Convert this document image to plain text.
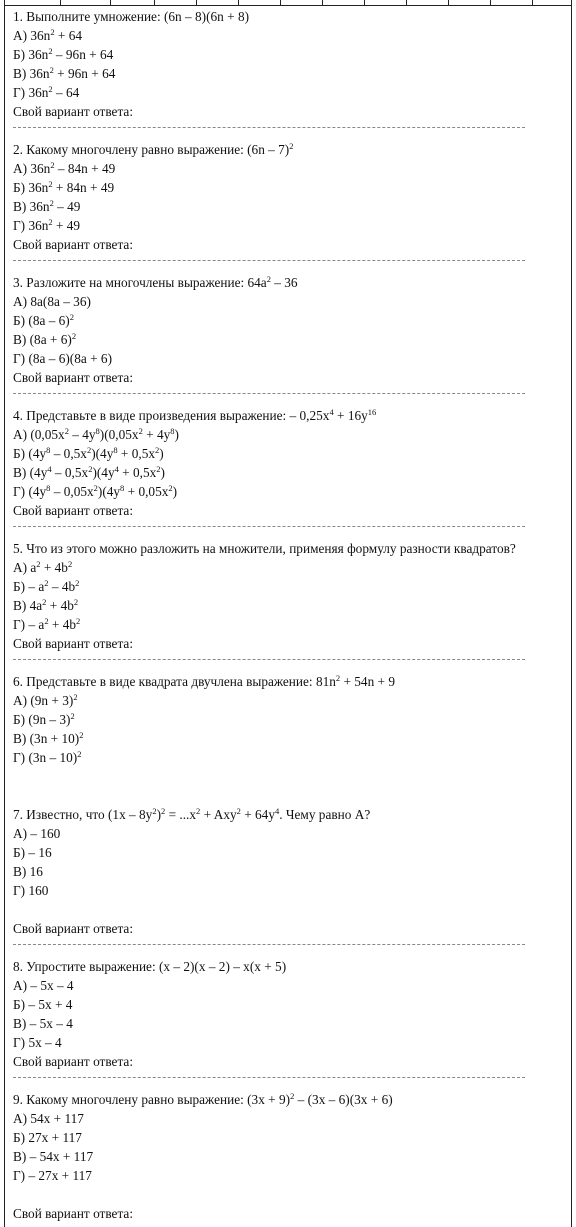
1. Выполните умножение: (6n – 8)(6n + 8)
А) $36n^2 + 64$
Б) $36n^2 - 96n + 64$
В) $36n^2 + 96n + 64$
Г) $36n^2 - 64$
Свой вариант ответа:
2. Какому многочлену равно выражение: (6n – 7)$^2$
А) $36n^2 - 84n + 49$
Б) $36n^2 + 84n + 49$
В) $36n^2 - 49$
Г) $36n^2 + 49$
Свой вариант ответа:
3. Разложите на многочлены выражение: $64a^2 - 36$
А) 8a(8a – 36)
Б) (8a – 6)$^2$
В) $(8a + 6)^2$
Г) (8a – 6)(8a + 6)
Свой вариант ответа:
4. Представьте в виде произведения выражение: – $0,25x^4 + 16y^{16}$
А) $(0,05x^2 - 4y^8)(0,05x^2 + 4y^8)$
Б) $(4y^8 - 0,5x^2)(4y^8 + 0,5x^2)$
В) $(4y^4 - 0,5x^2)(4y^4 + 0,5x^2)$
Г) $(4y^8 - 0,05x^2)(4y^8 + 0,05x^2)$
Свой вариант ответа:
5. Что из этого можно разложить на множители, применяя формулу разности квадратов?
А) $a^2 + 4b^2$
$Б) - a^2 - 4b^2$
В) $4a^2 + 4b^2$
$Г) - a^2 + 4b^2$
Свой вариант ответа:
6. Представьте в виде квадрата двучлена выражение: $81n^2 + 54n + 9$
А) $(9n + 3)^2$
Б) (9n – 3)$^2$
В) $(3n + 10)^2$
Г) (3n – 10)$^2$
7. Известно, что $(1x - 8y^2)^2 = ...x^2 + Axy^2 + 64y^4$. Чему равно А?
А) – 160
Б) – 16
В) 16
Г) 160
Свой вариант ответа:
8. Упростите выражение: (x – 2)(x – 2) – x(x + 5)
А) – 5x – 4
Б) – 5x + 4
В) – 5x – 4
Г) 5x – 4
Свой вариант ответа:
9. Какому многочлену равно выражение: $(3x + 9)^2 - (3x - 6)(3x + 6)$
А) 54x + 117
Б) 27x + 117
В) – 54x + 117
Г) – 27x + 117
Свой вариант ответа:
